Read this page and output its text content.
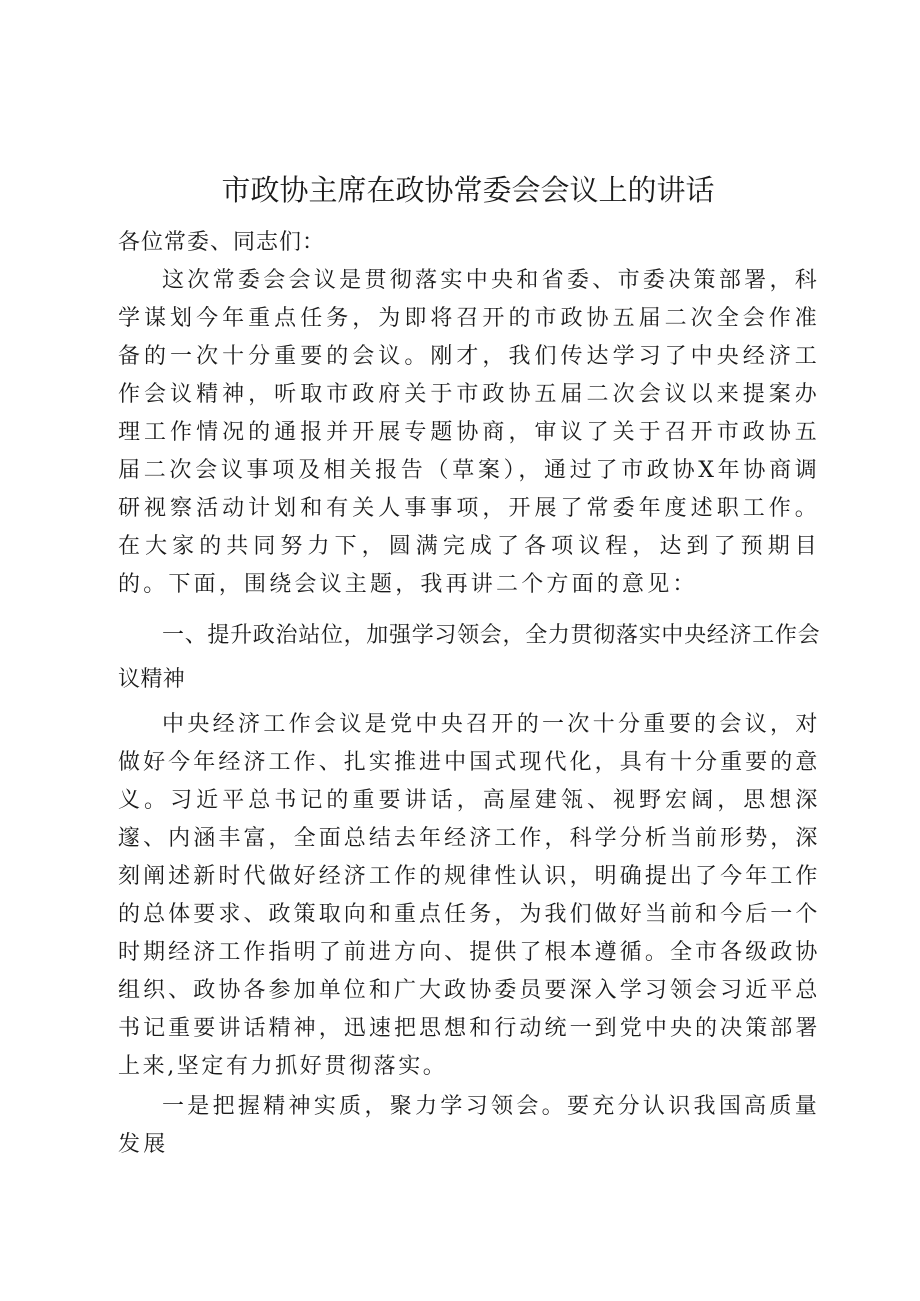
市政协主席在政协常委会会议上的讲话

各位常委、同志们：

这次常委会会议是贯彻落实中央和省委、市委决策部署，科学谋划今年重点任务，为即将召开的市政协五届二次全会作准备的一次十分重要的会议。刚才，我们传达学习了中央经济工作会议精神，听取市政府关于市政协五届二次会议以来提案办理工作情况的通报并开展专题协商，审议了关于召开市政协五届二次会议事项及相关报告（草案），通过了市政协X年协商调研视察活动计划和有关人事事项，开展了常委年度述职工作。在大家的共同努力下，圆满完成了各项议程，达到了预期目的。下面，围绕会议主题，我再讲二个方面的意见：

一、提升政治站位，加强学习领会，全力贯彻落实中央经济工作会议精神

中央经济工作会议是党中央召开的一次十分重要的会议，对做好今年经济工作、扎实推进中国式现代化，具有十分重要的意义。习近平总书记的重要讲话，高屋建瓴、视野宏阔，思想深邃、内涵丰富，全面总结去年经济工作，科学分析当前形势，深刻阐述新时代做好经济工作的规律性认识，明确提出了今年工作的总体要求、政策取向和重点任务，为我们做好当前和今后一个时期经济工作指明了前进方向、提供了根本遵循。全市各级政协组织、政协各参加单位和广大政协委员要深入学习领会习近平总书记重要讲话精神，迅速把思想和行动统一到党中央的决策部署上来,坚定有力抓好贯彻落实。

一是把握精神实质，聚力学习领会。要充分认识我国高质量发展
